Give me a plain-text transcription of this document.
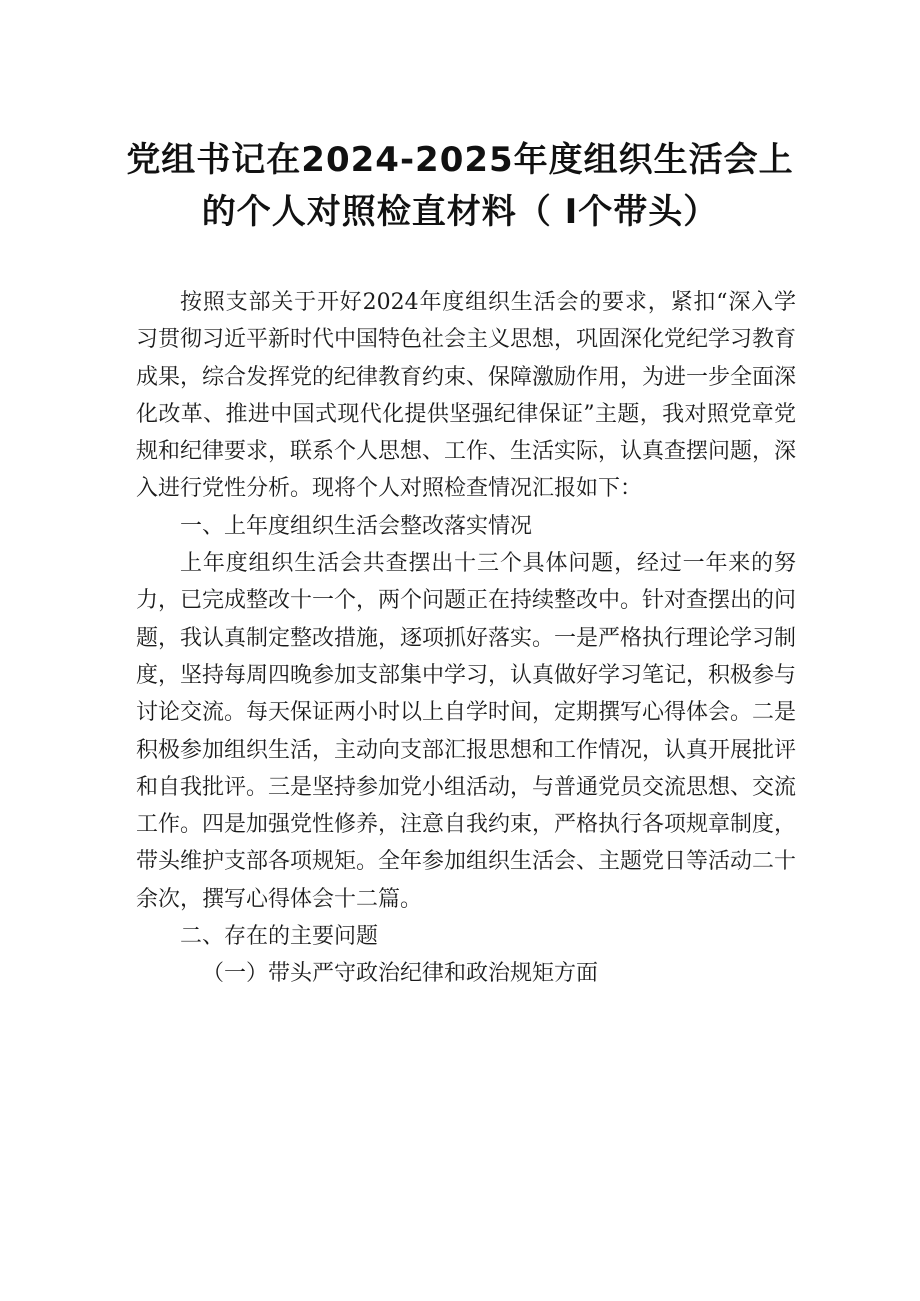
党组书记在2024-2025年度组织生活会上
的个人对照检直材料（ I个带头）

按照支部关于开好2024年度组织生活会的要求，紧扣“深入学习贯彻习近平新时代中国特色社会主义思想，巩固深化党纪学习教育成果，综合发挥党的纪律教育约束、保障激励作用，为进一步全面深化改革、推进中国式现代化提供坚强纪律保证”主题，我对照党章党规和纪律要求，联系个人思想、工作、生活实际，认真查摆问题，深入进行党性分析。现将个人对照检查情况汇报如下：

一、上年度组织生活会整改落实情况

上年度组织生活会共查摆出十三个具体问题，经过一年来的努力，已完成整改十一个，两个问题正在持续整改中。针对查摆出的问题，我认真制定整改措施，逐项抓好落实。一是严格执行理论学习制度，坚持每周四晚参加支部集中学习，认真做好学习笔记，积极参与讨论交流。每天保证两小时以上自学时间，定期撰写心得体会。二是积极参加组织生活，主动向支部汇报思想和工作情况，认真开展批评和自我批评。三是坚持参加党小组活动，与普通党员交流思想、交流工作。四是加强党性修养，注意自我约束，严格执行各项规章制度，带头维护支部各项规矩。全年参加组织生活会、主题党日等活动二十余次，撰写心得体会十二篇。

二、存在的主要问题

（一）带头严守政治纪律和政治规矩方面
